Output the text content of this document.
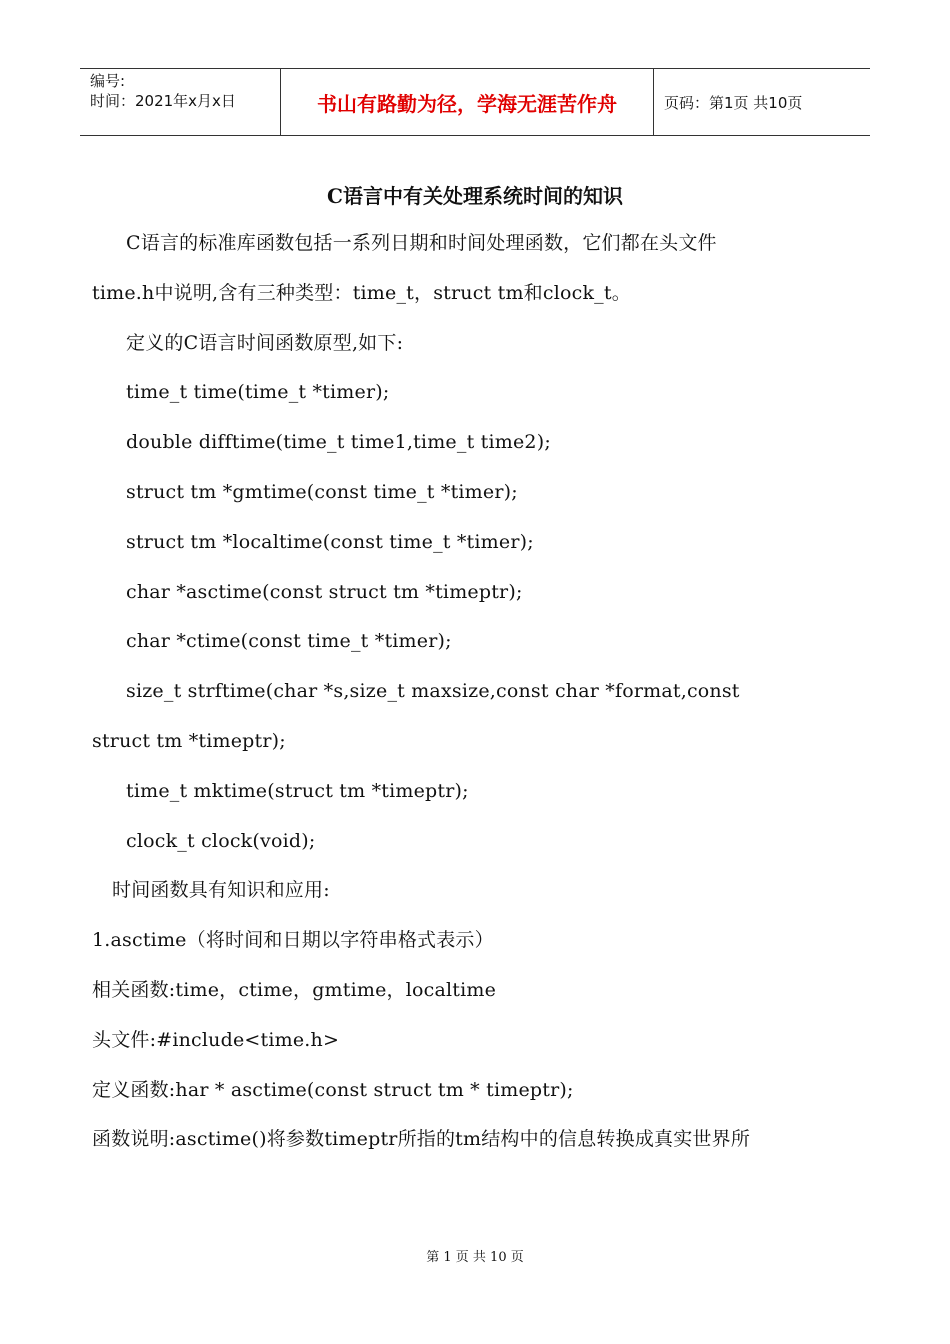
编号:
时间：2021年x月x日	书山有路勤为径，学海无涯苦作舟	页码：第1页 共10页
C语言中有关处理系统时间的知识
C语言的标准库函数包括一系列日期和时间处理函数，它们都在头文件
time.h中说明,含有三种类型：time_t，struct tm和clock_t。
定义的C语言时间函数原型,如下:
time_t time(time_t *timer);
double difftime(time_t time1,time_t time2);
struct tm *gmtime(const time_t *timer);
struct tm *localtime(const time_t *timer);
char *asctime(const struct tm *timeptr);
char *ctime(const time_t *timer);
size_t strftime(char *s,size_t maxsize,const char *format,const
struct tm *timeptr);
time_t mktime(struct tm *timeptr);
clock_t clock(void);
时间函数具有知识和应用:
1.asctime（将时间和日期以字符串格式表示）
相关函数:time，ctime，gmtime，localtime
头文件:#include<time.h>
定义函数:har * asctime(const struct tm * timeptr);
函数说明:asctime()将参数timeptr所指的tm结构中的信息转换成真实世界所
第 1 页 共 10 页
